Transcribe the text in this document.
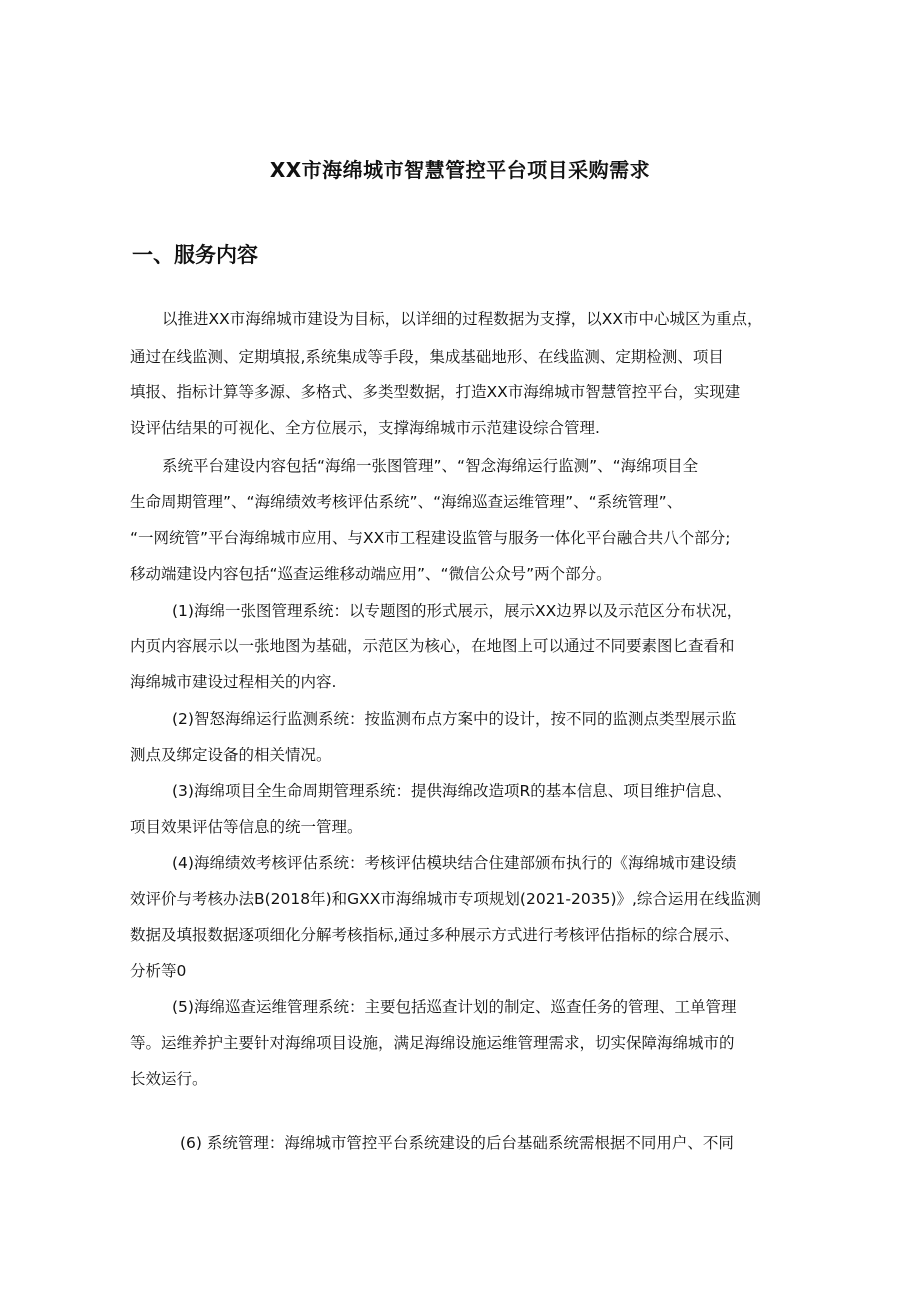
XX市海绵城市智慧管控平台项目采购需求
一、服务内容

以推进XX市海绵城市建设为目标，以详细的过程数据为支撑，以XX市中心城区为重点，

通过在线监测、定期填报,系统集成等手段，集成基础地形、在线监测、定期检测、项目

填报、指标计算等多源、多格式、多类型数据，打造XX市海绵城市智慧管控平台，实现建

设评估结果的可视化、全方位展示，支撑海绵城市示范建设综合管理.

系统平台建设内容包括“海绵一张图管理”、“智念海绵运行监测”、“海绵项目全

生命周期管理”、“海绵绩效考核评估系统”、“海绵巡查运维管理”、“系统管理”、

“一网统管”平台海绵城市应用、与XX市工程建设监管与服务一体化平台融合共八个部分;

移动端建设内容包括“巡查运维移动端应用”、“微信公众号”两个部分。

(1)海绵一张图管理系统：以专题图的形式展示，展示XX边界以及示范区分布状况，

内页内容展示以一张地图为基础，示范区为核心，在地图上可以通过不同要素图匕查看和

海绵城市建设过程相关的内容.

(2)智怒海绵运行监测系统：按监测布点方案中的设计，按不同的监测点类型展示监

测点及绑定设备的相关情况。

(3)海绵项目全生命周期管理系统：提供海绵改造项R的基本信息、项目维护信息、

项目效果评估等信息的统一管理。

(4)海绵绩效考核评估系统：考核评估模块结合住建部颁布执行的《海绵城市建设绩

效评价与考核办法B(2018年)和GXX市海绵城市专项规划(2021-2035)》,综合运用在线监测

数据及填报数据逐项细化分解考核指标,通过多种展示方式进行考核评估指标的综合展示、

分析等0

(5)海绵巡查运维管理系统：主要包括巡查计划的制定、巡查任务的管理、工单管理

等。运维养护主要针对海绵项目设施，满足海绵设施运维管理需求，切实保障海绵城市的

长效运行。

(6) 系统管理：海绵城市管控平台系统建设的后台基础系统需根据不同用户、不同
